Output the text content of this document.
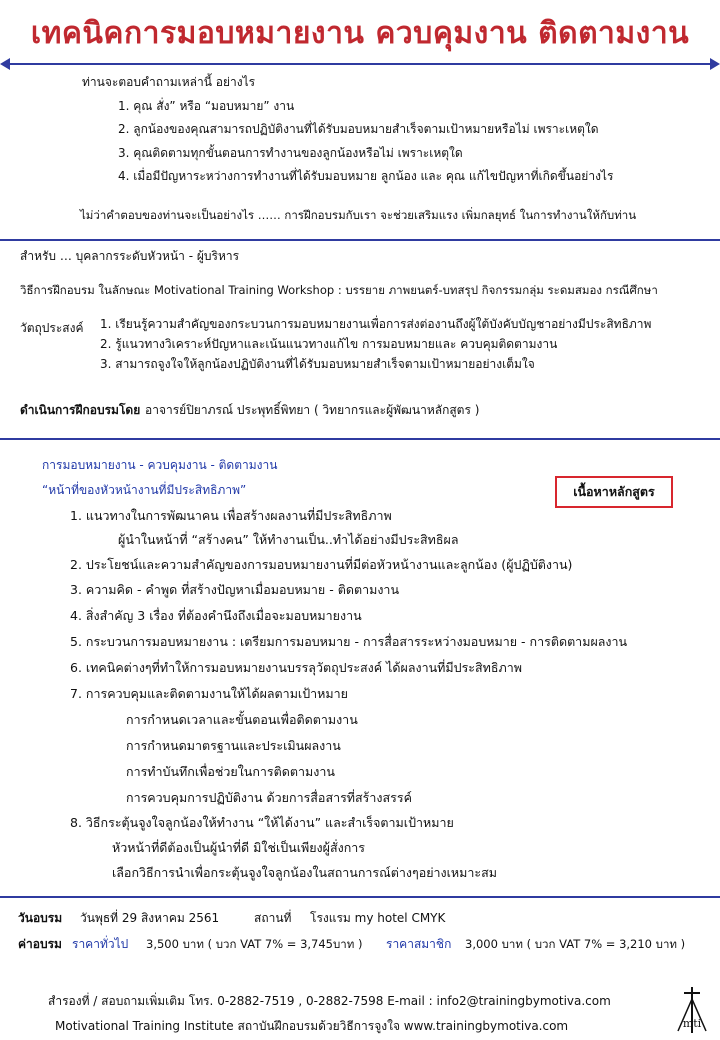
เทคนิคการมอบหมายงาน ควบคุมงาน ติดตามงาน
ท่านจะตอบคำถามเหล่านี้ อย่างไร
1. คุณ สั่ง” หรือ “มอบหมาย” งาน
2. ลูกน้องของคุณสามารถปฏิบัติงานที่ได้รับมอบหมายสำเร็จตามเป้าหมายหรือไม่ เพราะเหตุใด
3. คุณติดตามทุกขั้นตอนการทำงานของลูกน้องหรือไม่ เพราะเหตุใด
4. เมื่อมีปัญหาระหว่างการทำงานที่ได้รับมอบหมาย ลูกน้อง และ คุณ แก้ไขปัญหาที่เกิดขึ้นอย่างไร
ไม่ว่าคำตอบของท่านจะเป็นอย่างไร …… การฝึกอบรมกับเรา จะช่วยเสริมแรง เพิ่มกลยุทธ์ ในการทำงานให้กับท่าน
สำหรับ … บุคลากรระดับหัวหน้า - ผู้บริหาร
วิธีการฝึกอบรม ในลักษณะ Motivational Training Workshop : บรรยาย ภาพยนตร์-บทสรุป กิจกรรมกลุ่ม ระดมสมอง กรณีศึกษา
วัตถุประสงค์ 1. เรียนรู้ความสำคัญของกระบวนการมอบหมายงานเพื่อการส่งต่องานถึงผู้ใต้บังคับบัญชาอย่างมีประสิทธิภาพ
2. รู้แนวทางวิเคราะห์ปัญหาและเน้นแนวทางแก้ไข การมอบหมายและ ควบคุมติดตามงาน
3. สามารถจูงใจให้ลูกน้องปฏิบัติงานที่ได้รับมอบหมายสำเร็จตามเป้าหมายอย่างเต็มใจ
ดำเนินการฝึกอบรมโดย อาจารย์ปิยาภรณ์ ประพุทธิ์พิทยา ( วิทยากรและผู้พัฒนาหลักสูตร )
การมอบหมายงาน - ควบคุมงาน - ติดตามงาน
“หน้าที่ของหัวหน้างานที่มีประสิทธิภาพ”	เนื้อหาหลักสูตร
1. แนวทางในการพัฒนาคน เพื่อสร้างผลงานที่มีประสิทธิภาพ
ผู้นำในหน้าที่ “สร้างคน” ให้ทำงานเป็น..ทำได้อย่างมีประสิทธิผล
2. ประโยชน์และความสำคัญของการมอบหมายงานที่มีต่อหัวหน้างานและลูกน้อง (ผู้ปฏิบัติงาน)
3. ความคิด - คำพูด ที่สร้างปัญหาเมื่อมอบหมาย - ติดตามงาน
4. สิ่งสำคัญ 3 เรื่อง ที่ต้องคำนึงถึงเมื่อจะมอบหมายงาน
5. กระบวนการมอบหมายงาน : เตรียมการมอบหมาย - การสื่อสารระหว่างมอบหมาย - การติดตามผลงาน
6. เทคนิคต่างๆที่ทำให้การมอบหมายงานบรรลุวัตถุประสงค์ ได้ผลงานที่มีประสิทธิภาพ
7. การควบคุมและติดตามงานให้ได้ผลตามเป้าหมาย
การกำหนดเวลาและขั้นตอนเพื่อติดตามงาน
การกำหนดมาตรฐานและประเมินผลงาน
การทำบันทึกเพื่อช่วยในการติดตามงาน
การควบคุมการปฏิบัติงาน ด้วยการสื่อสารที่สร้างสรรค์
8. วิธีกระตุ้นจูงใจลูกน้องให้ทำงาน “ให้ได้งาน” และสำเร็จตามเป้าหมาย
หัวหน้าที่ดีต้องเป็นผู้นำที่ดี มิใช่เป็นเพียงผู้สั่งการ
เลือกวิธีการนำเพื่อกระตุ้นจูงใจลูกน้องในสถานการณ์ต่างๆอย่างเหมาะสม
วันอบรม วันพุธที่ 29 สิงหาคม 2561	สถานที่ โรงแรม my hotel CMYK
ค่าอบรม ราคาทั่วไป 3,500 บาท ( บวก VAT 7% = 3,745บาท ) ราคาสมาชิก 3,000 บาท ( บวก VAT 7% = 3,210 บาท )
สำรองที่ / สอบถามเพิ่มเติม โทร. 0-2882-7519 , 0-2882-7598 E-mail : info2@trainingbymotiva.com
Motivational Training Institute สถาบันฝึกอบรมด้วยวิธีการจูงใจ www.trainingbymotiva.com	mti
